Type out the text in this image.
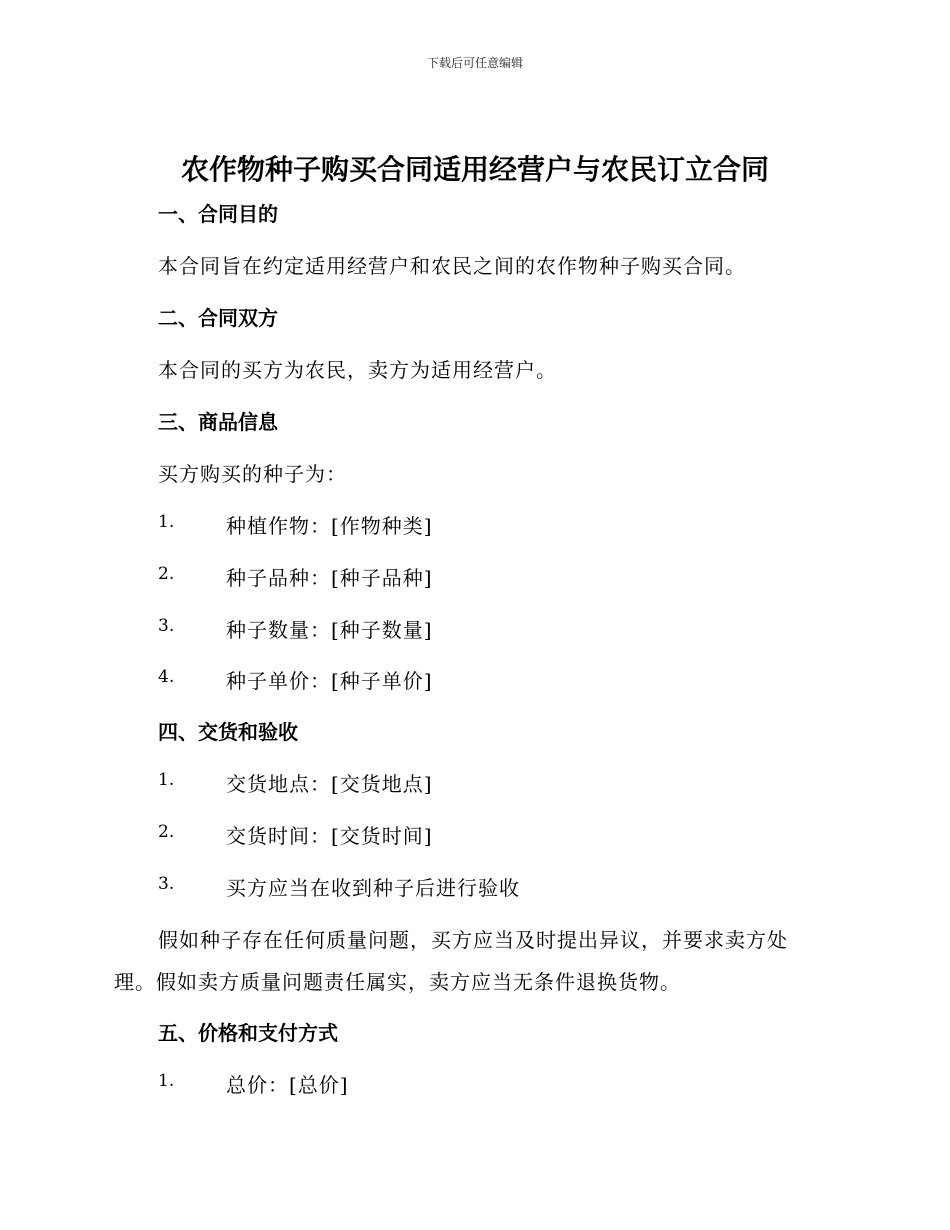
下载后可任意编辑
农作物种子购买合同适用经营户与农民订立合同
一、合同目的
本合同旨在约定适用经营户和农民之间的农作物种子购买合同。
二、合同双方
本合同的买方为农民，卖方为适用经营户。
三、商品信息
买方购买的种子为：
1.	种植作物：[作物种类]
2.	种子品种：[种子品种]
3.	种子数量：[种子数量]
4.	种子单价：[种子单价]
四、交货和验收
1.	交货地点：[交货地点]
2.	交货时间：[交货时间]
3.	买方应当在收到种子后进行验收
假如种子存在任何质量问题，买方应当及时提出异议，并要求卖方处
理。假如卖方质量问题责任属实，卖方应当无条件退换货物。
五、价格和支付方式
1.	总价：[总价]
